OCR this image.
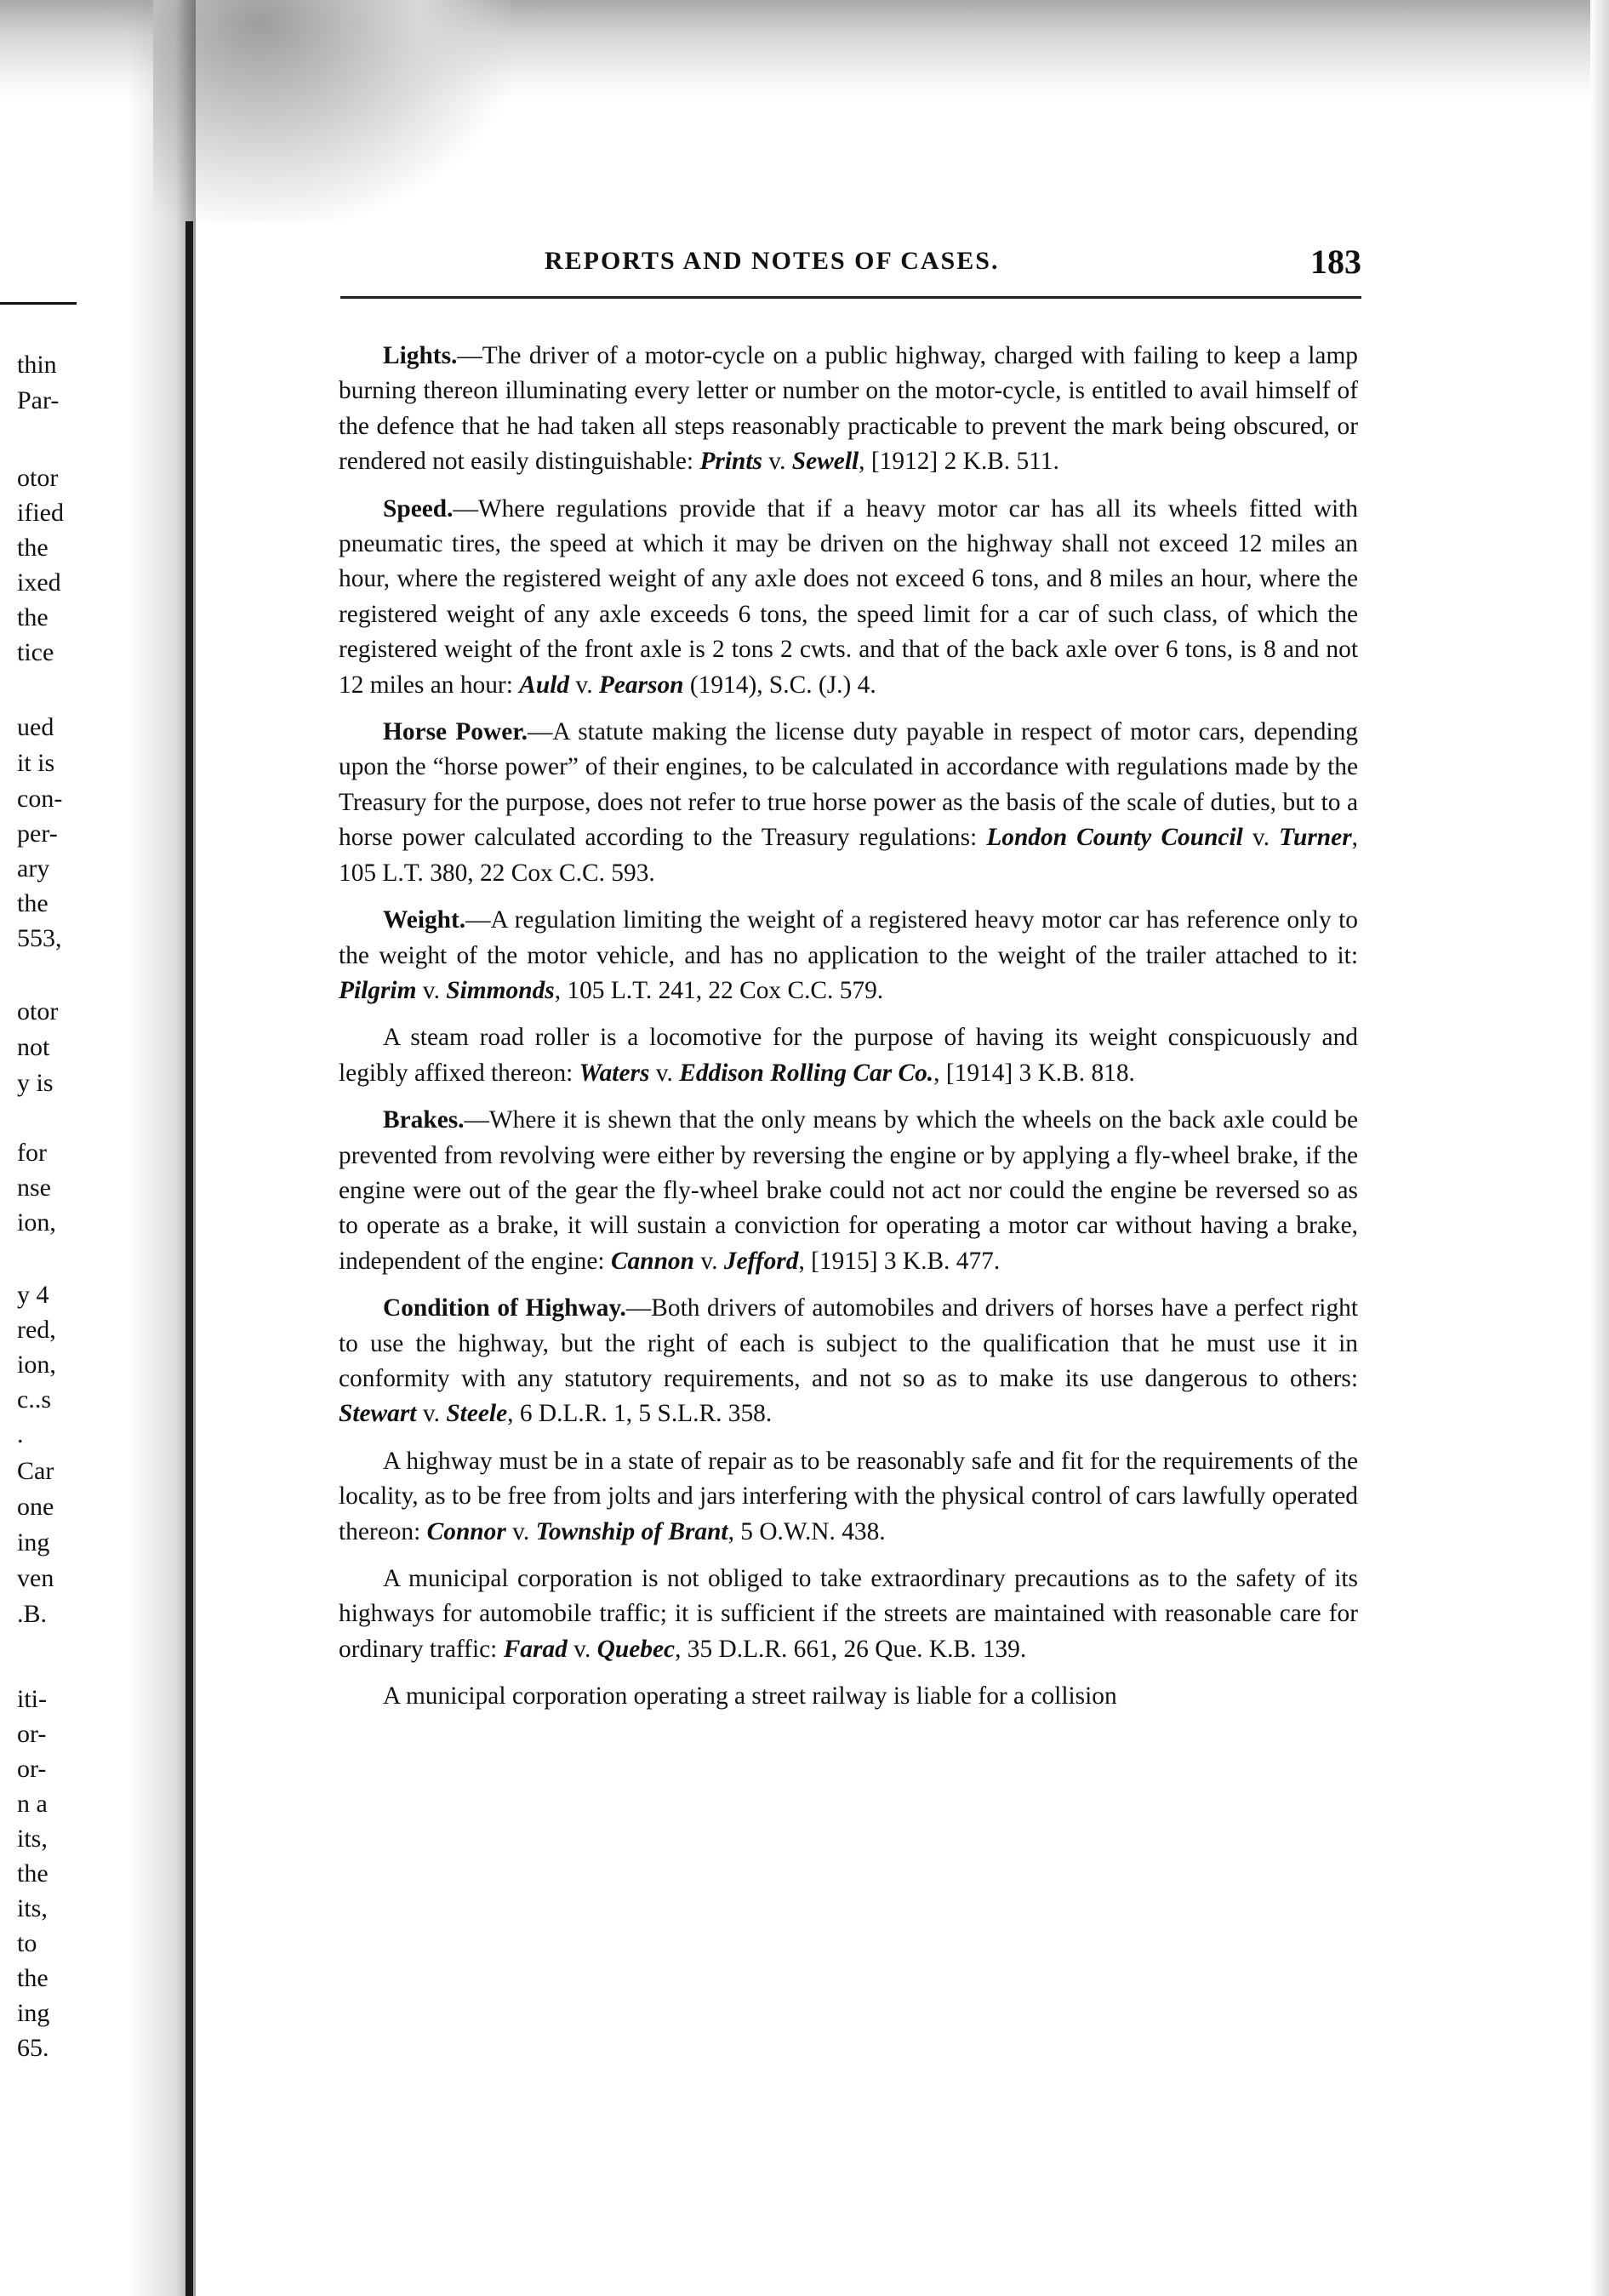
thin
Par-
otor
ified
the
ixed
the
tice
ued
it is
con-
per-
ary
the
553,
otor
not
y is
for
nse
ion,
y 4
red,
ion,
c..s
.
Car
one
ing
ven
.B.
iti-
or-
or-
n a
its,
the
its,
to
the
ing
65.
REPORTS AND NOTES OF CASES.	183

Lights.—The driver of a motor-cycle on a public highway, charged with failing to keep a lamp burning thereon illuminating every letter or number on the motor-cycle, is entitled to avail himself of the defence that he had taken all steps reasonably practicable to prevent the mark being obscured, or rendered not easily distinguishable: Prints v. Sewell, [1912] 2 K.B. 511.

Speed.—Where regulations provide that if a heavy motor car has all its wheels fitted with pneumatic tires, the speed at which it may be driven on the highway shall not exceed 12 miles an hour, where the registered weight of any axle does not exceed 6 tons, and 8 miles an hour, where the registered weight of any axle exceeds 6 tons, the speed limit for a car of such class, of which the registered weight of the front axle is 2 tons 2 cwts. and that of the back axle over 6 tons, is 8 and not 12 miles an hour: Auld v. Pearson (1914), S.C. (J.) 4.

Horse Power.—A statute making the license duty payable in respect of motor cars, depending upon the “horse power” of their engines, to be calculated in accordance with regulations made by the Treasury for the purpose, does not refer to true horse power as the basis of the scale of duties, but to a horse power calculated according to the Treasury regulations: London County Council v. Turner, 105 L.T. 380, 22 Cox C.C. 593.

Weight.—A regulation limiting the weight of a registered heavy motor car has reference only to the weight of the motor vehicle, and has no application to the weight of the trailer attached to it: Pilgrim v. Simmonds, 105 L.T. 241, 22 Cox C.C. 579.

A steam road roller is a locomotive for the purpose of having its weight conspicuously and legibly affixed thereon: Waters v. Eddison Rolling Car Co., [1914] 3 K.B. 818.

Brakes.—Where it is shewn that the only means by which the wheels on the back axle could be prevented from revolving were either by reversing the engine or by applying a fly-wheel brake, if the engine were out of the gear the fly-wheel brake could not act nor could the engine be reversed so as to operate as a brake, it will sustain a conviction for operating a motor car without having a brake, independent of the engine: Cannon v. Jefford, [1915] 3 K.B. 477.

Condition of Highway.—Both drivers of automobiles and drivers of horses have a perfect right to use the highway, but the right of each is subject to the qualification that he must use it in conformity with any statutory requirements, and not so as to make its use dangerous to others: Stewart v. Steele, 6 D.L.R. 1, 5 S.L.R. 358.

A highway must be in a state of repair as to be reasonably safe and fit for the requirements of the locality, as to be free from jolts and jars interfering with the physical control of cars lawfully operated thereon: Connor v. Township of Brant, 5 O.W.N. 438.

A municipal corporation is not obliged to take extraordinary precautions as to the safety of its highways for automobile traffic; it is sufficient if the streets are maintained with reasonable care for ordinary traffic: Farad v. Quebec, 35 D.L.R. 661, 26 Que. K.B. 139.

A municipal corporation operating a street railway is liable for a collision
